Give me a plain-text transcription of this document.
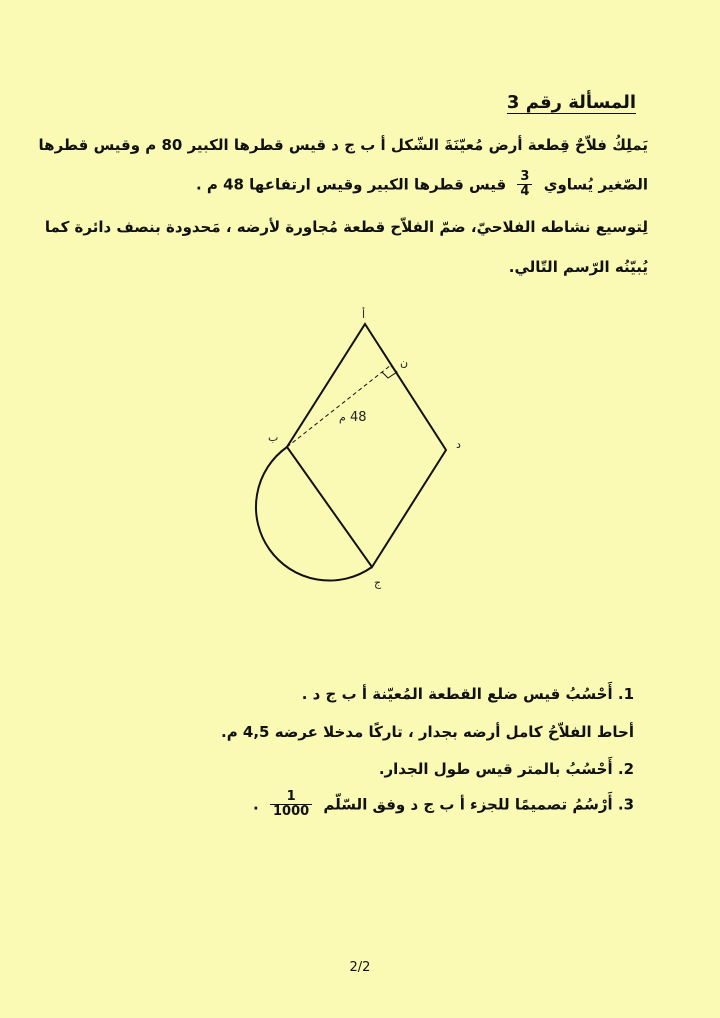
المسألة رقم 3
يَملِكُ فلاّحٌ قِطعة أرض مُعيّنَةَ الشّكل أ ب ج د قيس قطرها الكبير 80 م وقيس قطرها
الصّغير يُساوي
$\frac{3}{4}$
قيس قطرها الكبير وقيس ارتفاعها 48 م .
لِتوسيع نشاطه الفلاحيّ، ضمّ الفلاّح قطعة مُجاورة لأرضه ، مَحدودة بنصف دائرة كما
يُبيّنُه الرّسم التّالي.
أ
ب
ج
د
ن
48
م
1. أَحْسُبُ قيس ضلع القطعة المُعيّنة أ ب ج د .
أحاط الفلاّحُ كامل أرضه بجدار ، تاركًا مدخلا عرضه 4,5 م.
2. أَحْسُبُ بالمتر قيس طول الجدار.
3. أَرْسُمُ تصميمًا للجزء أ ب ج د وفق السّلّم
$\frac{1}{1000}$
.
2/2
